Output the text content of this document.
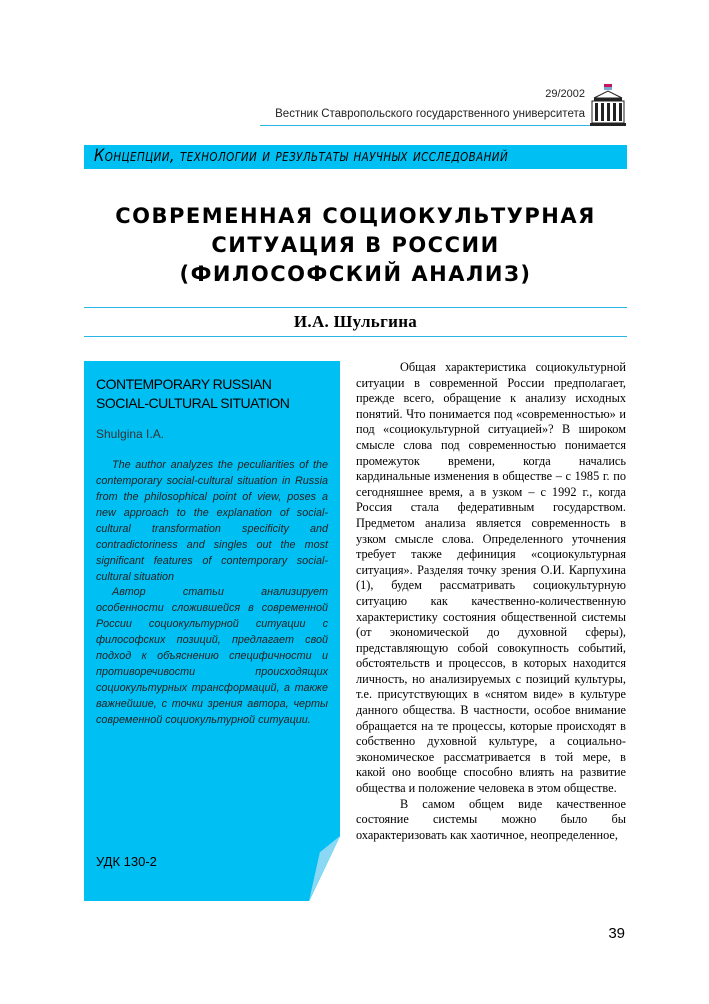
29/2002
Вестник Ставропольского государственного университета
Концепции, технологии и результаты научных исследований
СОВРЕМЕННАЯ СОЦИОКУЛЬТУРНАЯ
СИТУАЦИЯ В РОССИИ
(ФИЛОСОФСКИЙ АНАЛИЗ)
И.А. Шульгина
CONTEMPORARY RUSSIAN
SOCIAL-CULTURAL SITUATION
Shulgina I.A.
The author analyzes the peculiarities of the contemporary social-cultural situation in Russia from the philosophical point of view, poses a new approach to the explanation of social-cultural transformation specificity and contradictoriness and singles out the most significant features of contemporary social-cultural situation
Автор статьи анализирует особенности сложившейся в современной России социокультурной ситуации с философских позиций, предлагает свой подход к объяснению специфичности и противоречивости происходящих социокультурных трансформаций, а также важнейшие, с точки зрения автора, черты современной социокультурной ситуации.
УДК 130-2

Общая характеристика социокультурной ситуации в современной России предполагает, прежде всего, обращение к анализу исходных понятий. Что понимается под «современностью» и под «социокультурной ситуацией»? В широком смысле слова под современностью понимается промежуток времени, когда начались кардинальные изменения в обществе – с 1985 г. по сегодняшнее время, а в узком – с 1992 г., когда Россия стала федеративным государством. Предметом анализа является современность в узком смысле слова. Определенного уточнения требует также дефиниция «социокультурная ситуация». Разделяя точку зрения О.И. Карпухина (1), будем рассматривать социокультурную ситуацию как качественно-количественную характеристику состояния общественной системы (от экономической до духовной сферы), представляющую собой совокупность событий, обстоятельств и процессов, в которых находится личность, но анализируемых с позиций культуры, т.е. присутствующих в «снятом виде» в культуре данного общества. В частности, особое внимание обращается на те процессы, которые происходят в собственно духовной культуре, а социально-экономическое рассматривается в той мере, в какой оно вообще способно влиять на развитие общества и положение человека в этом обществе.

В самом общем виде качественное состояние системы можно было бы охарактеризовать как хаотичное, неопределенное,

39
